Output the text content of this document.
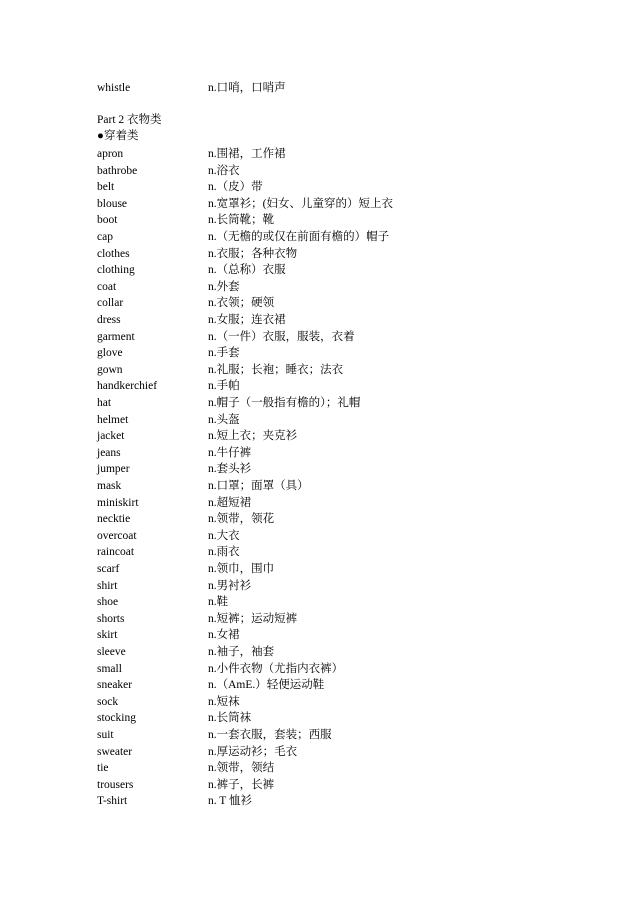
whistle	n.口哨，口哨声
Part 2 衣物类
●穿着类
apron	n.围裙，工作裙
bathrobe	n.浴衣
belt	n.（皮）带
blouse	n.宽罩衫；(妇女、儿童穿的）短上衣
boot	n.长筒靴；靴
cap	n.（无檐的或仅在前面有檐的）帽子
clothes	n.衣服；各种衣物
clothing	n.（总称）衣服
coat	n.外套
collar	n.衣领；硬领
dress	n.女服；连衣裙
garment	n.（一件）衣服，服装，衣着
glove	n.手套
gown	n.礼服；长袍；睡衣；法衣
handkerchief	n.手帕
hat	n.帽子（一般指有檐的）；礼帽
helmet	n.头盔
jacket	n.短上衣；夹克衫
jeans	n.牛仔裤
jumper	n.套头衫
mask	n.口罩；面罩（具）
miniskirt	n.超短裙
necktie	n.领带，领花
overcoat	n.大衣
raincoat	n.雨衣
scarf	n.领巾，围巾
shirt	n.男衬衫
shoe	n.鞋
shorts	n.短裤；运动短裤
skirt	n.女裙
sleeve	n.袖子，袖套
small	n.小件衣物（尤指内衣裤）
sneaker	n.（AmE.）轻便运动鞋
sock	n.短袜
stocking	n.长筒袜
suit	n.一套衣服，套装；西服
sweater	n.厚运动衫；毛衣
tie	n.领带，领结
trousers	n.裤子，长裤
T-shirt	n. T 恤衫
